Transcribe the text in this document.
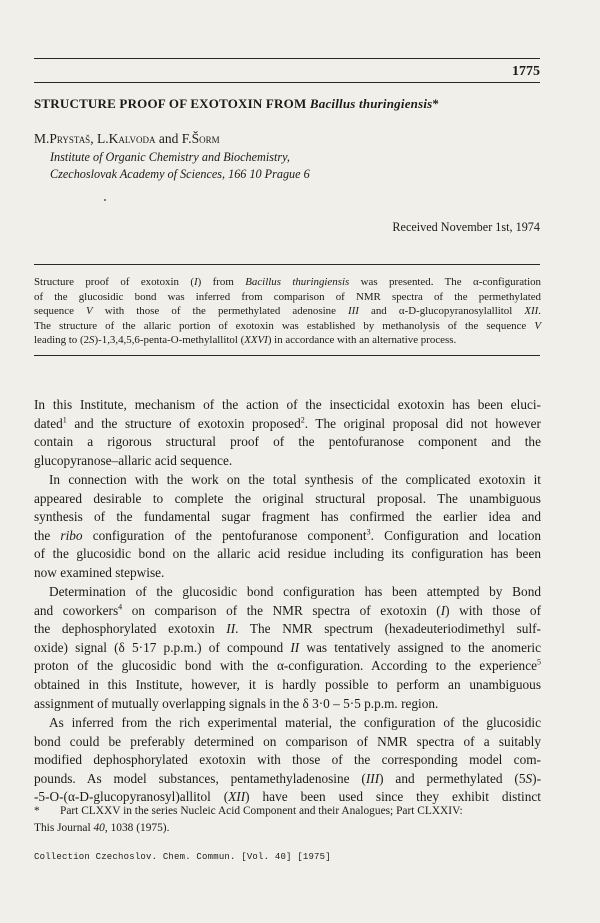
1775
STRUCTURE PROOF OF EXOTOXIN FROM Bacillus thuringiensis*
M.Prystaš, L.Kalvoda and F.Šorm
Institute of Organic Chemistry and Biochemistry,
Czechoslovak Academy of Sciences, 166 10 Prague 6
Received November 1st, 1974
Structure proof of exotoxin (I) from Bacillus thuringiensis was presented. The α-configuration
of the glucosidic bond was inferred from comparison of NMR spectra of the permethylated
sequence V with those of the permethylated adenosine III and α-D-glucopyranosylallitol XII.
The structure of the allaric portion of exotoxin was established by methanolysis of the sequence V
leading to (2S)-1,3,4,5,6-penta-O-methylallitol (XXVI) in accordance with an alternative process.
In this Institute, mechanism of the action of the insecticidal exotoxin has been eluci-
dated$^1$ and the structure of exotoxin proposed$^2$. The original proposal did not however
contain a rigorous structural proof of the pentofuranose component and the
glucopyranose–allaric acid sequence.
In connection with the work on the total synthesis of the complicated exotoxin it
appeared desirable to complete the original structural proposal. The unambiguous
synthesis of the fundamental sugar fragment has confirmed the earlier idea and
the ribo configuration of the pentofuranose component$^3$. Configuration and location
of the glucosidic bond on the allaric acid residue including its configuration has been
now examined stepwise.
Determination of the glucosidic bond configuration has been attempted by Bond
and coworkers$^4$ on comparison of the NMR spectra of exotoxin (I) with those of
the dephosphorylated exotoxin II. The NMR spectrum (hexadeuteriodimethyl sulf-
oxide) signal (δ 5·17 p.p.m.) of compound II was tentatively assigned to the anomeric
proton of the glucosidic bond with the α-configuration. According to the experience$^5$
obtained in this Institute, however, it is hardly possible to perform an unambiguous
assignment of mutually overlapping signals in the δ 3·0 – 5·5 p.p.m. region.
As inferred from the rich experimental material, the configuration of the glucosidic
bond could be preferably determined on comparison of NMR spectra of a suitably
modified dephosphorylated exotoxin with those of the corresponding model com-
pounds. As model substances, pentamethyladenosine (III) and permethylated (5S)-
-5-O-(α-D-glucopyranosyl)allitol (XII) have been used since they exhibit distinct
* Part CLXXV in the series Nucleic Acid Component and their Analogues; Part CLXXIV:
This Journal 40, 1038 (1975).
Collection Czechoslov. Chem. Commun. [Vol. 40] [1975]
